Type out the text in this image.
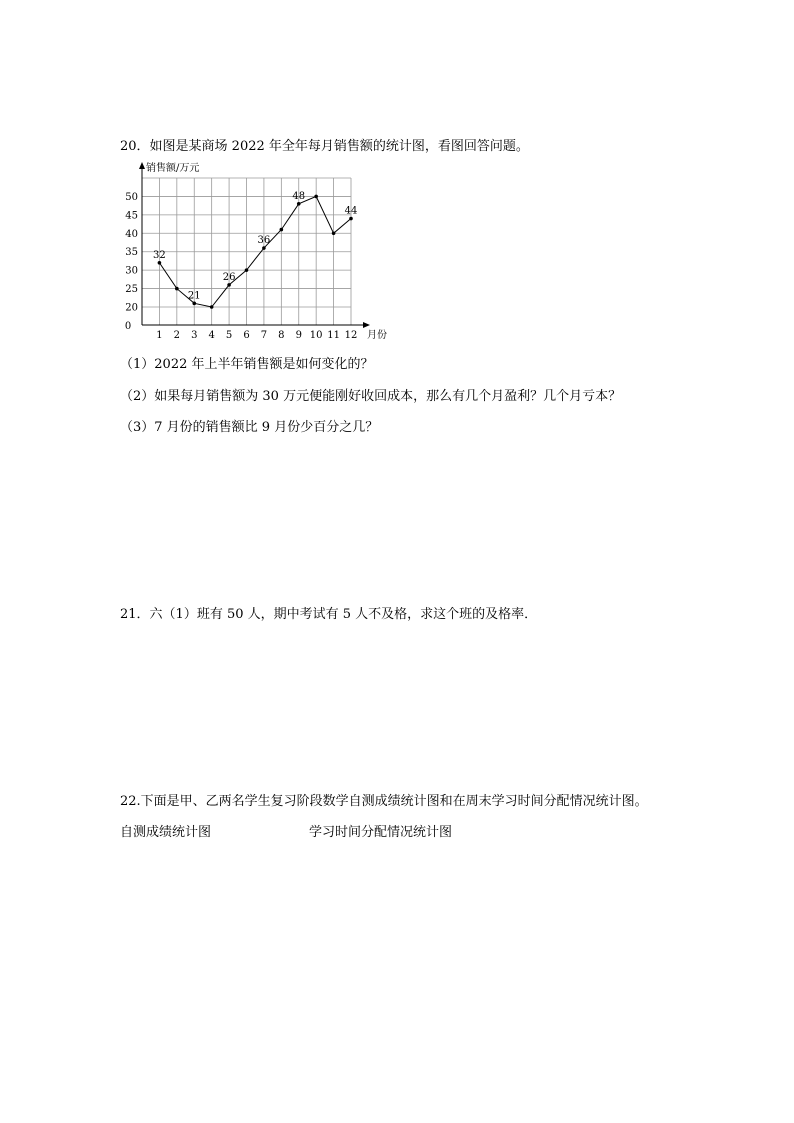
20．如图是某商场 2022 年全年每月销售额的统计图，看图回答问题。
20
25
30
35
40
45
50
0
1 2 3 4 5 6 7 8 9 10 11 12
销售额/万元
月份
32
21
26
36
48
44
（1）2022 年上半年销售额是如何变化的？
（2）如果每月销售额为 30 万元便能刚好收回成本，那么有几个月盈利？几个月亏本？
（3）7 月份的销售额比 9 月份少百分之几？
21．六（1）班有 50 人，期中考试有 5 人不及格，求这个班的及格率．
22.下面是甲、乙两名学生复习阶段数学自测成绩统计图和在周末学习时间分配情况统计图。
自测成绩统计图	学习时间分配情况统计图
